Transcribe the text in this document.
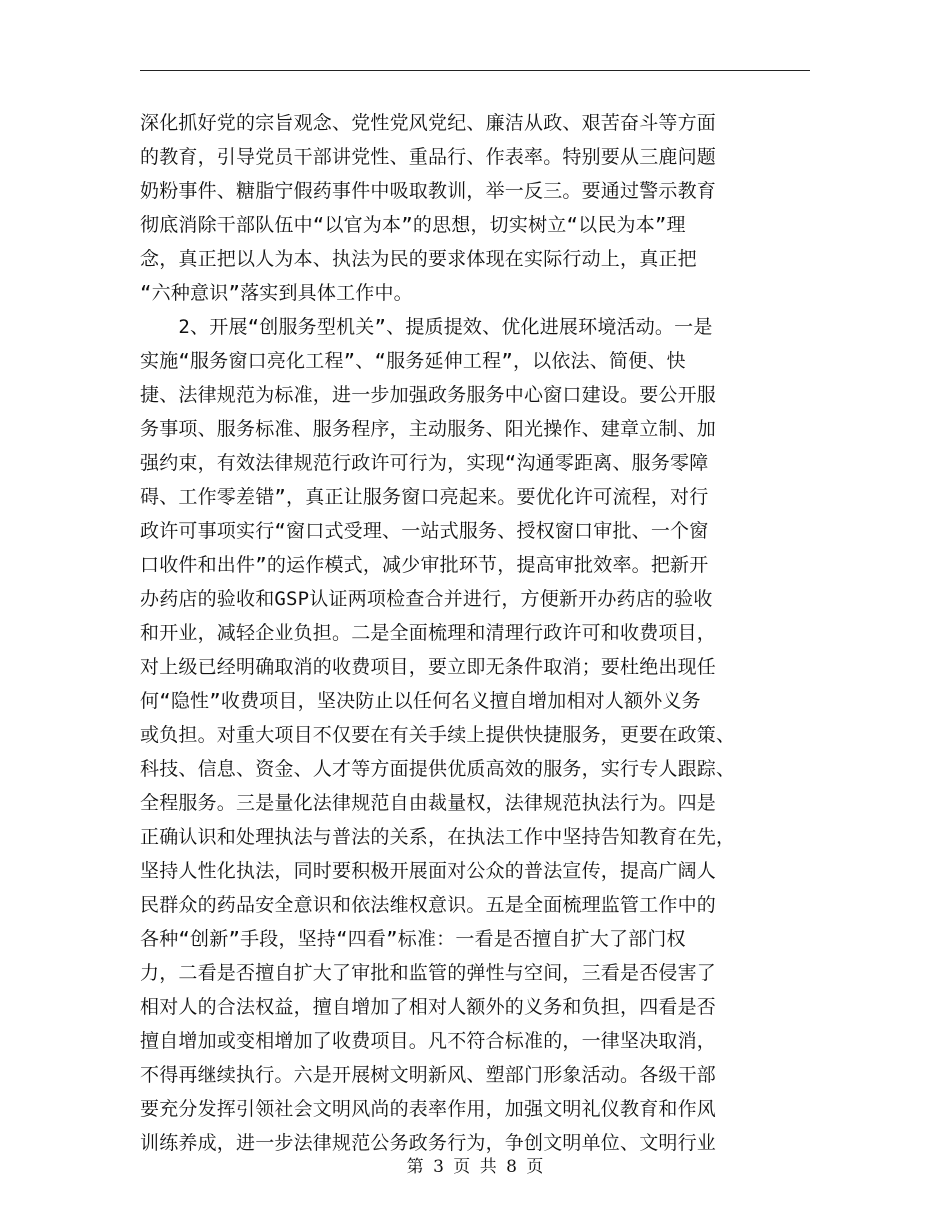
深化抓好党的宗旨观念、党性党风党纪、廉洁从政、艰苦奋斗等方面
的教育，引导党员干部讲党性、重品行、作表率。特别要从三鹿问题
奶粉事件、糖脂宁假药事件中吸取教训，举一反三。要通过警示教育
彻底消除干部队伍中“以官为本”的思想，切实树立“以民为本”理
念，真正把以人为本、执法为民的要求体现在实际行动上，真正把
“六种意识”落实到具体工作中。
　　2、开展“创服务型机关”、提质提效、优化进展环境活动。一是
实施“服务窗口亮化工程”、“服务延伸工程”，以依法、简便、快
捷、法律规范为标准，进一步加强政务服务中心窗口建设。要公开服
务事项、服务标准、服务程序，主动服务、阳光操作、建章立制、加
强约束，有效法律规范行政许可行为，实现“沟通零距离、服务零障
碍、工作零差错”，真正让服务窗口亮起来。要优化许可流程，对行
政许可事项实行“窗口式受理、一站式服务、授权窗口审批、一个窗
口收件和出件”的运作模式，减少审批环节，提高审批效率。把新开
办药店的验收和GSP认证两项检查合并进行，方便新开办药店的验收
和开业，减轻企业负担。二是全面梳理和清理行政许可和收费项目，
对上级已经明确取消的收费项目，要立即无条件取消；要杜绝出现任
何“隐性”收费项目，坚决防止以任何名义擅自增加相对人额外义务
或负担。对重大项目不仅要在有关手续上提供快捷服务，更要在政策、
科技、信息、资金、人才等方面提供优质高效的服务，实行专人跟踪、
全程服务。三是量化法律规范自由裁量权，法律规范执法行为。四是
正确认识和处理执法与普法的关系，在执法工作中坚持告知教育在先，
坚持人性化执法，同时要积极开展面对公众的普法宣传，提高广阔人
民群众的药品安全意识和依法维权意识。五是全面梳理监管工作中的
各种“创新”手段，坚持“四看”标准：一看是否擅自扩大了部门权
力，二看是否擅自扩大了审批和监管的弹性与空间，三看是否侵害了
相对人的合法权益，擅自增加了相对人额外的义务和负担，四看是否
擅自增加或变相增加了收费项目。凡不符合标准的，一律坚决取消，
不得再继续执行。六是开展树文明新风、塑部门形象活动。各级干部
要充分发挥引领社会文明风尚的表率作用，加强文明礼仪教育和作风
训练养成，进一步法律规范公务政务行为，争创文明单位、文明行业
第 3 页 共 8 页
